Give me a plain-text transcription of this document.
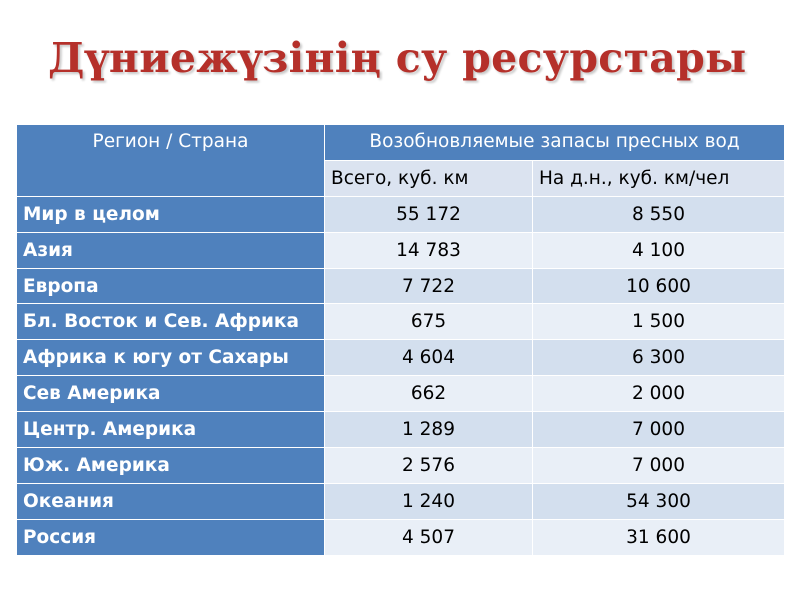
Дүниежүзінің су ресурстары
Регион / Страна	Возобновляемые запасы пресных вод	
	Всего, куб. км	На д.н., куб. км/чел
Мир в целом	55 172	8 550
Азия	14 783	4 100
Европа	7 722	10 600
Бл. Восток и Сев. Африка	675	1 500
Африка к югу от Сахары	4 604	6 300
Сев Америка	662	2 000
Центр. Америка	1 289	7 000
Юж. Америка	2 576	7 000
Океания	1 240	54 300
Россия	4 507	31 600
